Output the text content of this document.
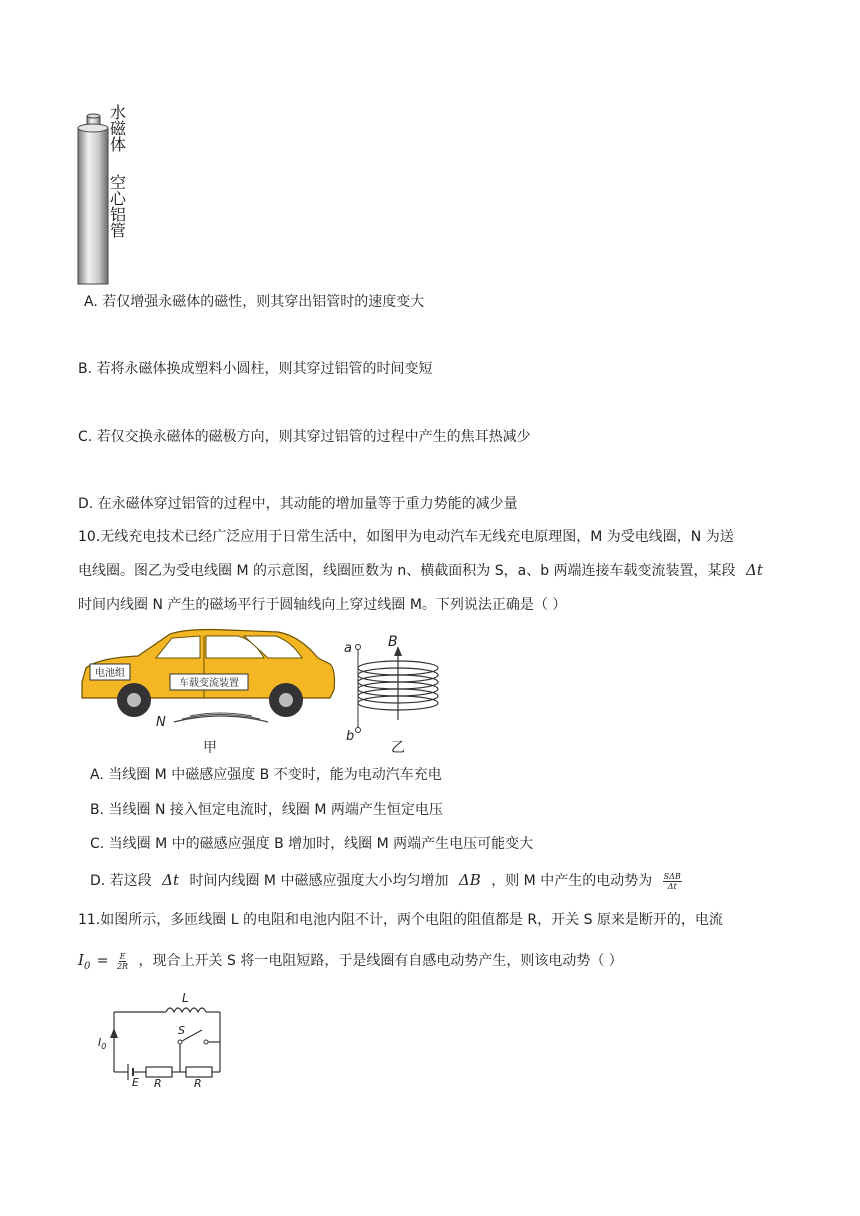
水磁体
空心铝管
A. 若仅增强永磁体的磁性，则其穿出铝管时的速度变大
B. 若将永磁体换成塑料小圆柱，则其穿过铝管的时间变短
C. 若仅交换永磁体的磁极方向，则其穿过铝管的过程中产生的焦耳热减少
D. 在永磁体穿过铝管的过程中，其动能的增加量等于重力势能的减少量
10.无线充电技术已经广泛应用于日常生活中，如图甲为电动汽车无线充电原理图，M 为受电线圈，N 为送
电线圈。图乙为受电线圈 M 的示意图，线圈匝数为 n、横截面积为 S，a、b 两端连接车载变流装置，某段 Δt
时间内线圈 N 产生的磁场平行于圆轴线向上穿过线圈 M。下列说法正确是（ ）
电池组
车载变流装置
N
甲
a
b
B
乙
A. 当线圈 M 中磁感应强度 B 不变时，能为电动汽车充电
B. 当线圈 N 接入恒定电流时，线圈 M 两端产生恒定电压
C. 当线圈 M 中的磁感应强度 B 增加时，线圈 M 两端产生电压可能变大
D. 若这段 Δt 时间内线圈 M 中磁感应强度大小均匀增加 ΔB ，则 M 中产生的电动势为 $\frac{\text{SΔB}}{\Delta t}$
11.如图所示，多匝线圈 L 的电阻和电池内阻不计，两个电阻的阻值都是 R，开关 S 原来是断开的，电流
$I_0 = \frac{E}{2R}$ ，现合上开关 S 将一电阻短路，于是线圈有自感电动势产生，则该电动势（ ）
L
$I_0$
S
E R	R
